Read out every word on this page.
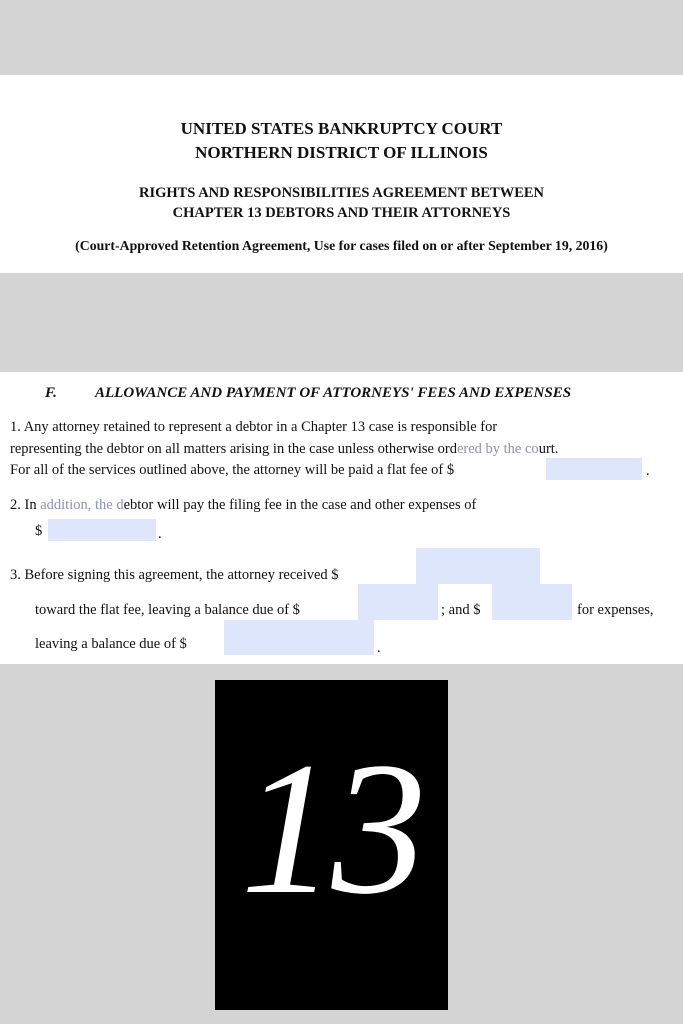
UNITED STATES BANKRUPTCY COURT
NORTHERN DISTRICT OF ILLINOIS
RIGHTS AND RESPONSIBILITIES AGREEMENT BETWEEN
CHAPTER 13 DEBTORS AND THEIR ATTORNEYS
(Court-Approved Retention Agreement, Use for cases filed on or after September 19, 2016)
F.	ALLOWANCE AND PAYMENT OF ATTORNEYS' FEES AND EXPENSES
1. Any attorney retained to represent a debtor in a Chapter 13 case is responsible for
representing the debtor on all matters arising in the case unless otherwise ordered by the court.
For all of the services outlined above, the attorney will be paid a flat fee of $	.
2. In addition, the debtor will pay the filing fee in the case and other expenses of
$	.
3. Before signing this agreement, the attorney received $
toward the flat fee, leaving a balance due of $	; and $	for expenses,
leaving a balance due of $	.
13
